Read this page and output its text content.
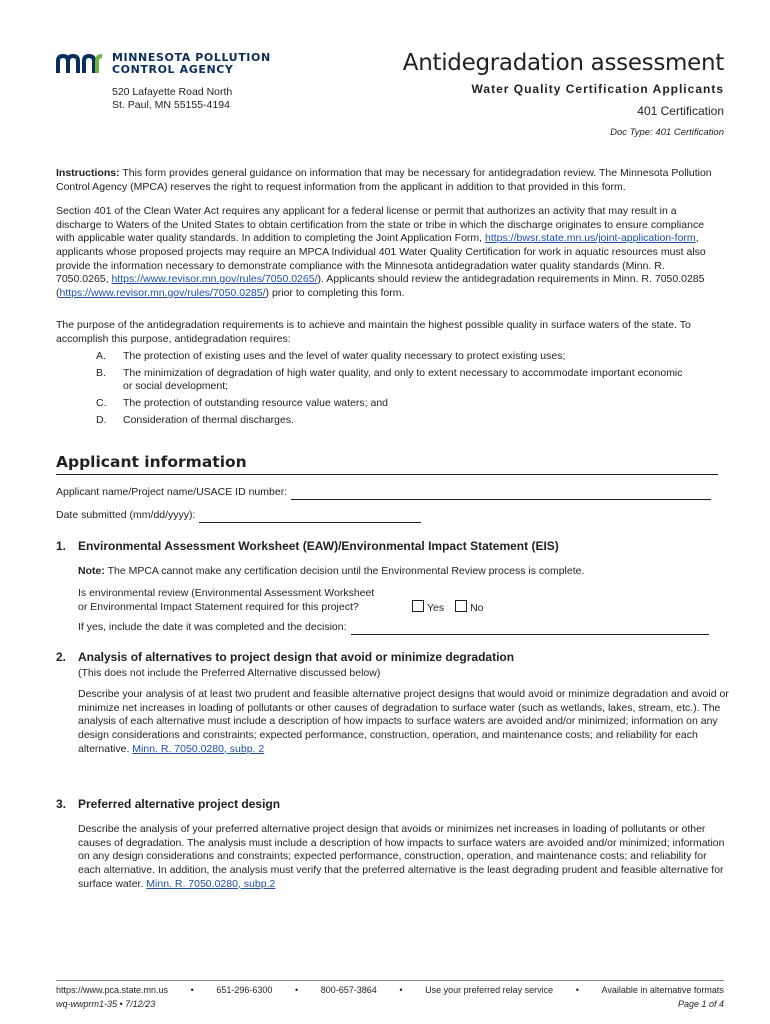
MINNESOTA POLLUTION
CONTROL AGENCY
520 Lafayette Road North
St. Paul, MN 55155-4194
Antidegradation assessment
Water Quality Certification Applicants
401 Certification
Doc Type: 401 Certification
Instructions: This form provides general guidance on information that may be necessary for antidegradation review. The Minnesota Pollution Control Agency (MPCA) reserves the right to request information from the applicant in addition to that provided in this form.
Section 401 of the Clean Water Act requires any applicant for a federal license or permit that authorizes an activity that may result in a discharge to Waters of the United States to obtain certification from the state or tribe in which the discharge originates to ensure compliance with applicable water quality standards. In addition to completing the Joint Application Form, https://bwsr.state.mn.us/joint-application-form, applicants whose proposed projects may require an MPCA Individual 401 Water Quality Certification for work in aquatic resources must also provide the information necessary to demonstrate compliance with the Minnesota antidegradation water quality standards (Minn. R. 7050.0265, https://www.revisor.mn.gov/rules/7050.0265/). Applicants should review the antidegradation requirements in Minn. R. 7050.0285 (https://www.revisor.mn.gov/rules/7050.0285/) prior to completing this form.
The purpose of the antidegradation requirements is to achieve and maintain the highest possible quality in surface waters of the state. To accomplish this purpose, antidegradation requires:
A.	The protection of existing uses and the level of water quality necessary to protect existing uses;
B.	The minimization of degradation of high water quality, and only to extent necessary to accommodate important economic or social development;
C.	The protection of outstanding resource value waters; and
D.	Consideration of thermal discharges.
Applicant information
Applicant name/Project name/USACE ID number:
Date submitted (mm/dd/yyyy):
1. Environmental Assessment Worksheet (EAW)/Environmental Impact Statement (EIS)
Note: The MPCA cannot make any certification decision until the Environmental Review process is complete.
Is environmental review (Environmental Assessment Worksheet
or Environmental Impact Statement required for this project?	Yes No
If yes, include the date it was completed and the decision:
2. Analysis of alternatives to project design that avoid or minimize degradation
(This does not include the Preferred Alternative discussed below)
Describe your analysis of at least two prudent and feasible alternative project designs that would avoid or minimize degradation and avoid or minimize net increases in loading of pollutants or other causes of degradation to surface water (such as wetlands, lakes, stream, etc.). The analysis of each alternative must include a description of how impacts to surface waters are avoided and/or minimized; information on any design considerations and constraints; expected performance, construction, operation, and maintenance costs; and reliability for each alternative. Minn. R. 7050.0280, subp. 2
3. Preferred alternative project design
Describe the analysis of your preferred alternative project design that avoids or minimizes net increases in loading of pollutants or other causes of degradation. The analysis must include a description of how impacts to surface waters are avoided and/or minimized; information on any design considerations and constraints; expected performance, construction, operation, and maintenance costs; and reliability for each alternative. In addition, the analysis must verify that the preferred alternative is the least degrading prudent and feasible alternative for surface water. Minn. R. 7050.0280, subp.2
https://www.pca.state.mn.us	•	651-296-6300	•	800-657-3864	•	Use your preferred relay service	•	Available in alternative formats
wq-wwprm1-35 • 7/12/23	Page 1 of 4
